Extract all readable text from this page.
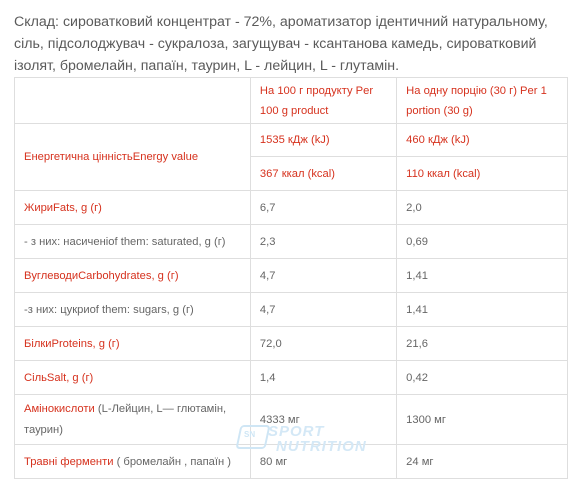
Склад: сироватковий концентрат - 72%, ароматизатор ідентичний натуральному, сіль, підсолоджувач - сукралоза, загущувач - ксантанова камедь, сироватковий ізолят, бромелайн, папаїн, таурин, L - лейцин, L - глутамін.
	На 100 г продукту Per 100 g product	На одну порцію (30 г) Per 1 portion (30 g)
Енергетична цінністьEnergy value	1535 кДж (kJ)	460 кДж (kJ)
	367 ккал (kcal)	110 ккал (kcal)
ЖириFats, g (г)	6,7	2,0
- з них: насиченіof them: saturated, g (г)	2,3	0,69
ВуглеводиCarbohydrates, g (г)	4,7	1,41
-з них: цукриof them: sugars, g (г)	4,7	1,41
БілкиProteins, g (г)	72,0	21,6
СільSalt, g (г)	1,4	0,42
Амінокислоти (L-Лейцин, L— глютамін, таурин)	4333 мг	1300 мг
Травні ферменти ( бромелайн , папаїн )	80 мг	24 мг
SN SPORT
NUTRITION
